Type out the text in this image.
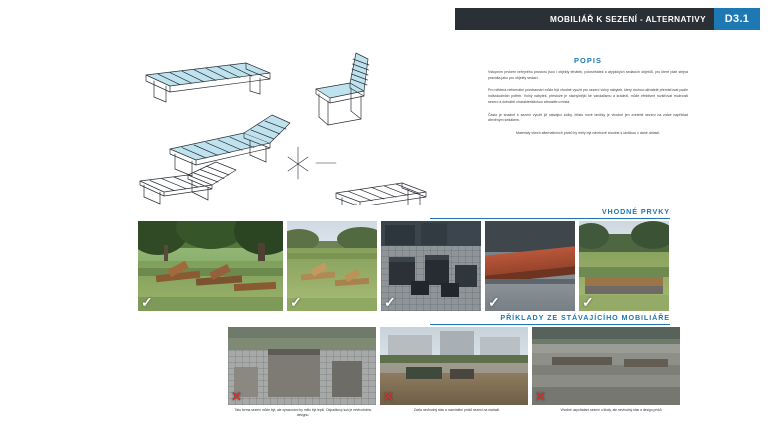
MOBILIÁŘ K SEZENÍ - ALTERNATIVY	D3.1
POPIS

Vstupním prvkem veřejného prostoru jsou i objekty lehátek, polosehátek a atypických sedacích objektů, pro které platí stejná pravidla jako pro objekty sedací.

Pro některá neformální prostranství může být vhodné využít pro sezení volný nábytek, který mohou uživatelé přemisťovat podle individuálních potřeb. Volný nábytek, přestože je náchylnější ke vandalismu a krádeži, může efektivně rozšiřovat možnosti sezení a dotvářet charakteristickou atmosféru místa.

Často je snadné k sezení využít již stávající zídky. Místo nové lavičky je vhodné jen zvelebit sezení na zídce například dřevěným sedákem.

Materiály všech alternativních prvků by měly být návrhově shodné s lavičkou v dané oblasti.

VHODNÉ PRVKY
✓	✓	✓	✓	✓
PŘÍKLADY ZE STÁVAJÍCÍHO MOBILIÁŘE
✕	✕	✕
Tato forma sezení může být, ale zpracování by mělo být lepší. Odpadkový koš je nevhodného designu.
Zcela nevhodný stav a rozmístění prvků sezení na nádraží.	Vhodné uspořádání sezení u školy, ale nevhodný stav a design prvků
